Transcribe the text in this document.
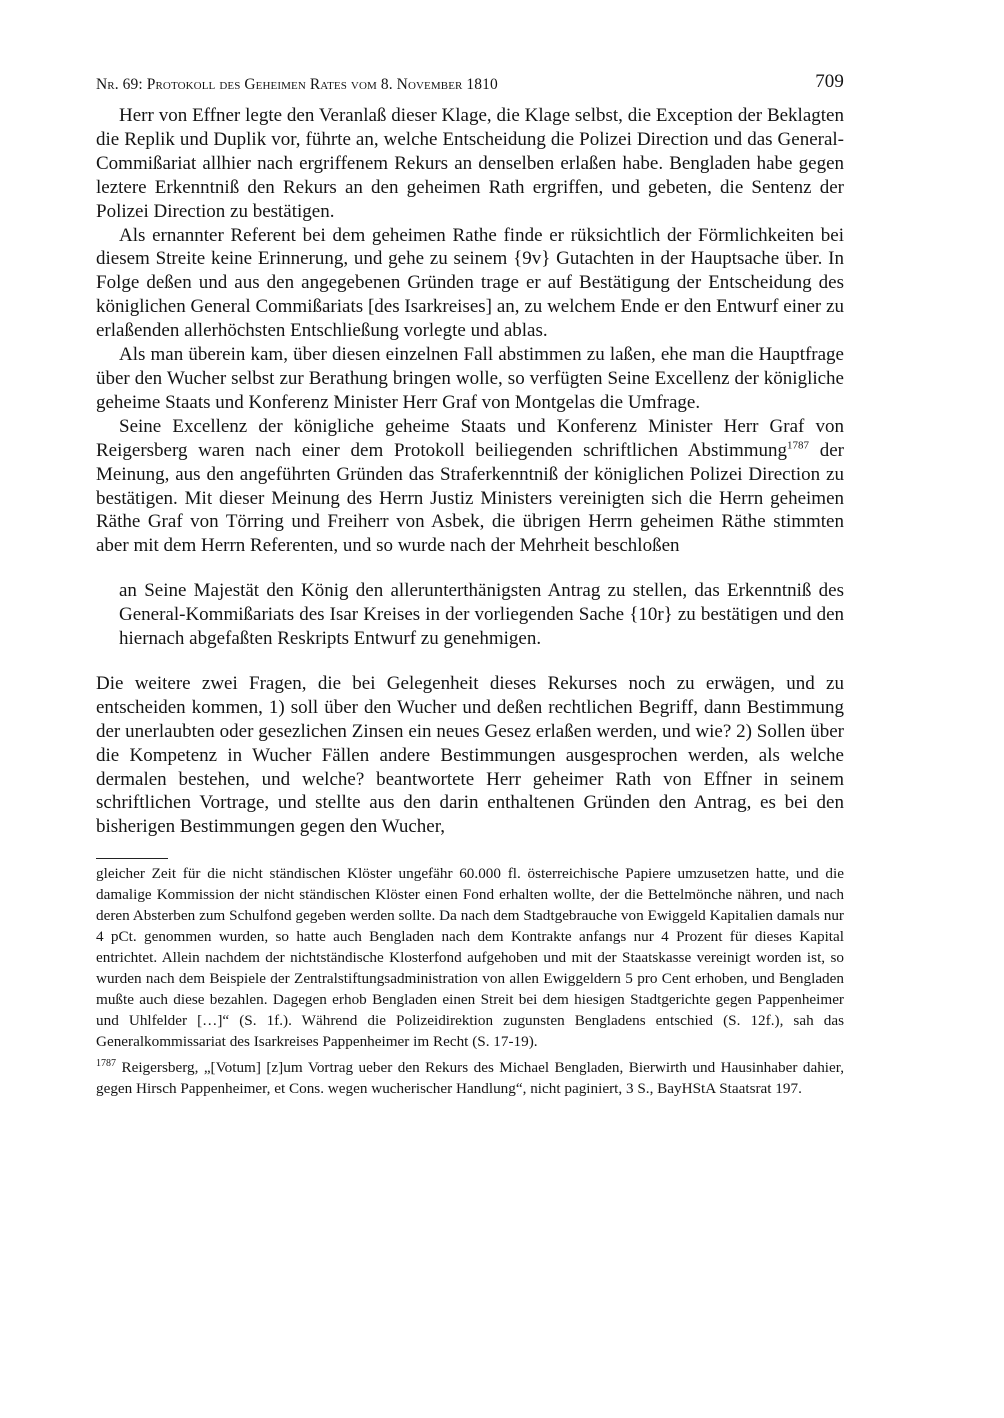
Nr. 69: Protokoll des Geheimen Rates vom 8. November 1810	709

Herr von Effner legte den Veranlaß dieser Klage, die Klage selbst, die Exception der Beklagten die Replik und Duplik vor, führte an, welche Entscheidung die Polizei Direction und das General-Commißariat allhier nach ergriffenem Rekurs an denselben erlaßen habe. Bengladen habe gegen leztere Erkenntniß den Rekurs an den geheimen Rath ergriffen, und gebeten, die Sentenz der Polizei Direction zu bestätigen.

Als ernannter Referent bei dem geheimen Rathe finde er rüksichtlich der Förmlichkeiten bei diesem Streite keine Erinnerung, und gehe zu seinem {9v} Gutachten in der Hauptsache über. In Folge deßen und aus den angegebenen Gründen trage er auf Bestätigung der Entscheidung des königlichen General Commißariats [des Isarkreises] an, zu welchem Ende er den Entwurf einer zu erlaßenden allerhöchsten Entschließung vorlegte und ablas.

Als man überein kam, über diesen einzelnen Fall abstimmen zu laßen, ehe man die Hauptfrage über den Wucher selbst zur Berathung bringen wolle, so verfügten Seine Excellenz der königliche geheime Staats und Konferenz Minister Herr Graf von Montgelas die Umfrage.

Seine Excellenz der königliche geheime Staats und Konferenz Minister Herr Graf von Reigersberg waren nach einer dem Protokoll beiliegenden schriftlichen Abstimmung$^{1787}$ der Meinung, aus den angeführten Gründen das Straferkenntniß der königlichen Polizei Direction zu bestätigen. Mit dieser Meinung des Herrn Justiz Ministers vereinigten sich die Herrn geheimen Räthe Graf von Törring und Freiherr von Asbek, die übrigen Herrn geheimen Räthe stimmten aber mit dem Herrn Referenten, und so wurde nach der Mehrheit beschloßen

an Seine Majestät den König den allerunterthänigsten Antrag zu stellen, das Erkenntniß des General-Kommißariats des Isar Kreises in der vorliegenden Sache {10r} zu bestätigen und den hiernach abgefaßten Reskripts Entwurf zu genehmigen.

Die weitere zwei Fragen, die bei Gelegenheit dieses Rekurses noch zu erwägen, und zu entscheiden kommen, 1) soll über den Wucher und deßen rechtlichen Begriff, dann Bestimmung der unerlaubten oder gesezlichen Zinsen ein neues Gesez erlaßen werden, und wie? 2) Sollen über die Kompetenz in Wucher Fällen andere Bestimmungen ausgesprochen werden, als welche dermalen bestehen, und welche? beantwortete Herr geheimer Rath von Effner in seinem schriftlichen Vortrage, und stellte aus den darin enthaltenen Gründen den Antrag, es bei den bisherigen Bestimmungen gegen den Wucher,

gleicher Zeit für die nicht ständischen Klöster ungefähr 60.000 fl. österreichische Papiere umzusetzen hatte, und die damalige Kommission der nicht ständischen Klöster einen Fond erhalten wollte, der die Bettelmönche nähren, und nach deren Absterben zum Schulfond gegeben werden sollte. Da nach dem Stadtgebrauche von Ewiggeld Kapitalien damals nur 4 pCt. genommen wurden, so hatte auch Bengladen nach dem Kontrakte anfangs nur 4 Prozent für dieses Kapital entrichtet. Allein nachdem der nichtständische Klosterfond aufgehoben und mit der Staatskasse vereinigt worden ist, so wurden nach dem Beispiele der Zentralstiftungsadministration von allen Ewiggeldern 5 pro Cent erhoben, und Bengladen mußte auch diese bezahlen. Dagegen erhob Bengladen einen Streit bei dem hiesigen Stadtgerichte gegen Pappenheimer und Uhlfelder […]“ (S. 1f.). Während die Polizeidirektion zugunsten Bengladens entschied (S. 12f.), sah das Generalkommissariat des Isarkreises Pappenheimer im Recht (S. 17-19).

$^{1787}$ Reigersberg, „[Votum] [z]um Vortrag ueber den Rekurs des Michael Bengladen, Bierwirth und Hausinhaber dahier, gegen Hirsch Pappenheimer, et Cons. wegen wucherischer Handlung“, nicht paginiert, 3 S., BayHStA Staatsrat 197.
